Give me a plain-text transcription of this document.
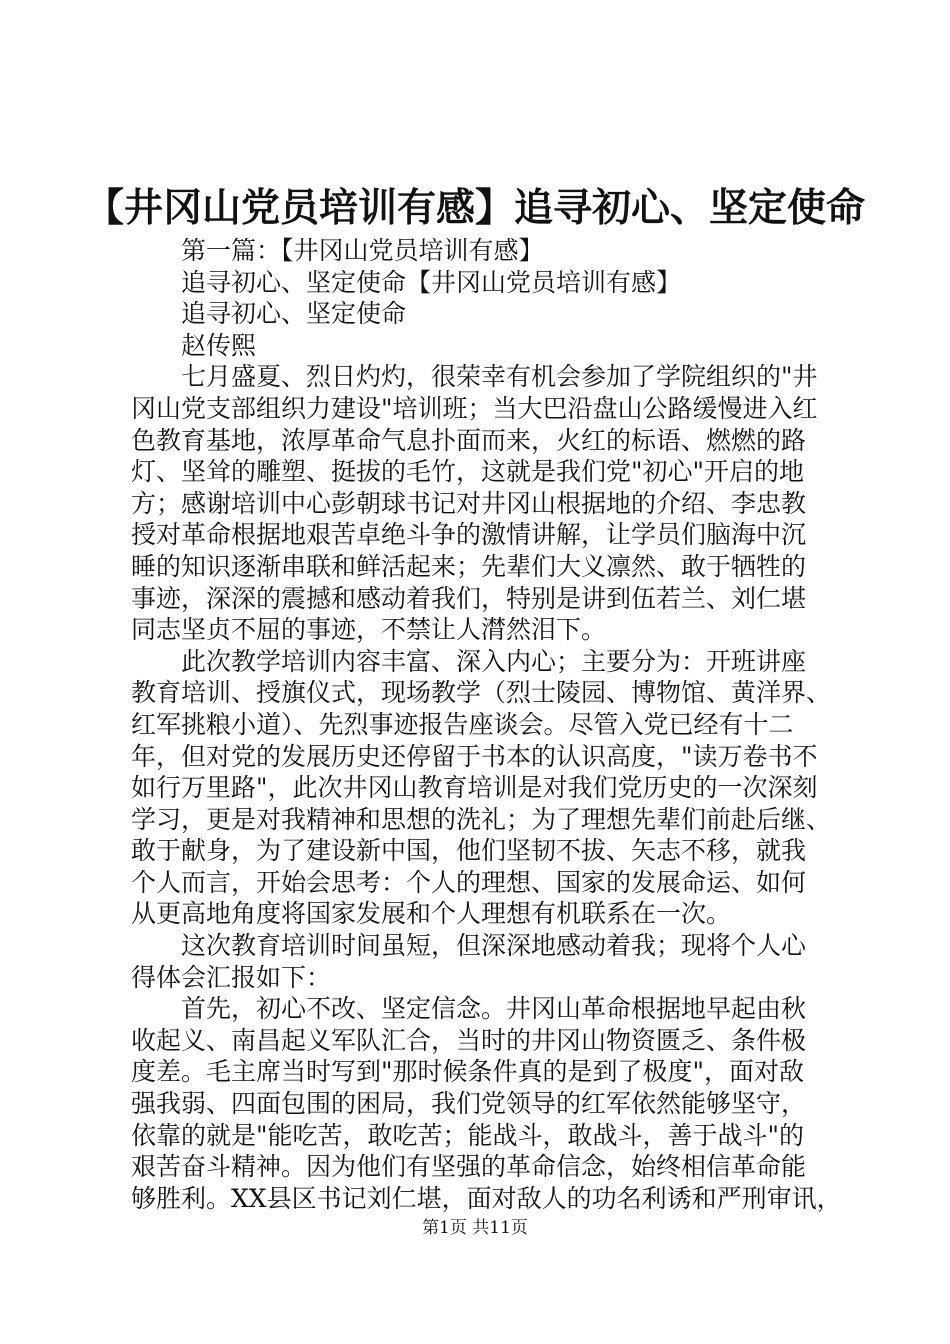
【井冈山党员培训有感】追寻初心、坚定使命
第一篇：【井冈山党员培训有感】
追寻初心、坚定使命【井冈山党员培训有感】
追寻初心、坚定使命
赵传熙
七月盛夏、烈日灼灼，很荣幸有机会参加了学院组织的"井
冈山党支部组织力建设"培训班；当大巴沿盘山公路缓慢进入红
色教育基地，浓厚革命气息扑面而来，火红的标语、燃燃的路
灯、坚耸的雕塑、挺拔的毛竹，这就是我们党"初心"开启的地
方；感谢培训中心彭朝球书记对井冈山根据地的介绍、李忠教
授对革命根据地艰苦卓绝斗争的激情讲解，让学员们脑海中沉
睡的知识逐渐串联和鲜活起来；先辈们大义凛然、敢于牺牲的
事迹，深深的震撼和感动着我们，特别是讲到伍若兰、刘仁堪
同志坚贞不屈的事迹，不禁让人潸然泪下。
此次教学培训内容丰富、深入内心；主要分为：开班讲座
教育培训、授旗仪式，现场教学（烈士陵园、博物馆、黄洋界、
红军挑粮小道）、先烈事迹报告座谈会。尽管入党已经有十二
年，但对党的发展历史还停留于书本的认识高度，"读万卷书不
如行万里路"，此次井冈山教育培训是对我们党历史的一次深刻
学习，更是对我精神和思想的洗礼；为了理想先辈们前赴后继、
敢于献身，为了建设新中国，他们坚韧不拔、矢志不移，就我
个人而言，开始会思考：个人的理想、国家的发展命运、如何
从更高地角度将国家发展和个人理想有机联系在一次。
这次教育培训时间虽短，但深深地感动着我；现将个人心
得体会汇报如下：
首先，初心不改、坚定信念。井冈山革命根据地早起由秋
收起义、南昌起义军队汇合，当时的井冈山物资匮乏、条件极
度差。毛主席当时写到"那时候条件真的是到了极度"，面对敌
强我弱、四面包围的困局，我们党领导的红军依然能够坚守，
依靠的就是"能吃苦，敢吃苦；能战斗，敢战斗，善于战斗"的
艰苦奋斗精神。因为他们有坚强的革命信念，始终相信革命能
够胜利。XX县区书记刘仁堪，面对敌人的功名利诱和严刑审讯，
第1页 共11页
